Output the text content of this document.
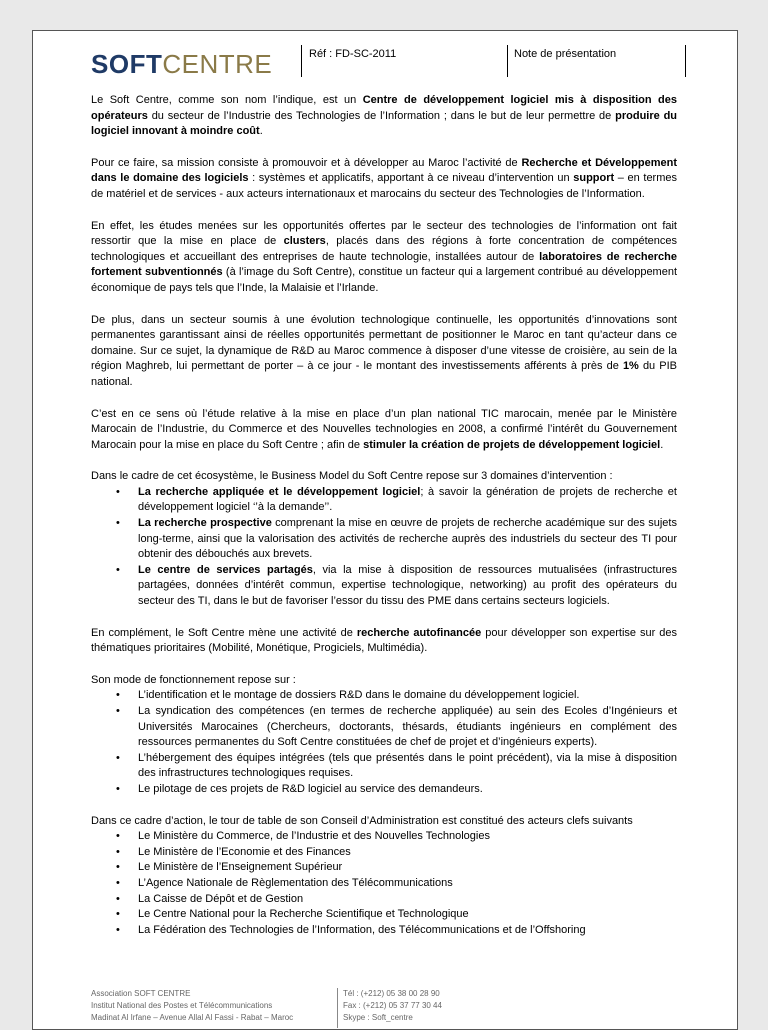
SOFTCENTRE	Réf : FD-SC-2011	Note de présentation

Le Soft Centre, comme son nom l’indique, est un Centre de développement logiciel mis à disposition des opérateurs du secteur de l’Industrie des Technologies de l’Information ; dans le but de leur permettre de produire du logiciel innovant à moindre coût.

Pour ce faire, sa mission consiste à promouvoir et à développer au Maroc l’activité de Recherche et Développement dans le domaine des logiciels : systèmes et applicatifs, apportant à ce niveau d’intervention un support – en termes de matériel et de services - aux acteurs internationaux et marocains du secteur des Technologies de l’Information.

En effet, les études menées sur les opportunités offertes par le secteur des technologies de l’information ont fait ressortir que la mise en place de clusters, placés dans des régions à forte concentration de compétences technologiques et accueillant des entreprises de haute technologie, installées autour de laboratoires de recherche fortement subventionnés (à l’image du Soft Centre), constitue un facteur qui a largement contribué au développement économique de pays tels que l’Inde, la Malaisie et l’Irlande.

De plus, dans un secteur soumis à une évolution technologique continuelle, les opportunités d’innovations sont permanentes garantissant ainsi de réelles opportunités permettant de positionner le Maroc en tant qu’acteur dans ce domaine. Sur ce sujet, la dynamique de R&D au Maroc commence à disposer d’une vitesse de croisière, au sein de la région Maghreb, lui permettant de porter – à ce jour - le montant des investissements afférents à près de 1% du PIB national.

C’est en ce sens où l’étude relative à la mise en place d’un plan national TIC marocain, menée par le Ministère Marocain de l’Industrie, du Commerce et des Nouvelles technologies en 2008, a confirmé l’intérêt du Gouvernement Marocain pour la mise en place du Soft Centre ; afin de stimuler la création de projets de développement logiciel.

Dans le cadre de cet écosystème, le Business Model du Soft Centre repose sur 3 domaines d’intervention :

• La recherche appliquée et le développement logiciel; à savoir la génération de projets de recherche et développement logiciel ‘’à la demande’’.
• La recherche prospective comprenant la mise en œuvre de projets de recherche académique sur des sujets long-terme, ainsi que la valorisation des activités de recherche auprès des industriels du secteur des TI pour obtenir des débouchés aux brevets.
• Le centre de services partagés, via la mise à disposition de ressources mutualisées (infrastructures partagées, données d’intérêt commun, expertise technologique, networking) au profit des opérateurs du secteur des TI, dans le but de favoriser l’essor du tissu des PME dans certains secteurs logiciels.

En complément, le Soft Centre mène une activité de recherche autofinancée pour développer son expertise sur des thématiques prioritaires (Mobilité, Monétique, Progiciels, Multimédia).

Son mode de fonctionnement repose sur :

• L’identification et le montage de dossiers R&D dans le domaine du développement logiciel.
• La syndication des compétences (en termes de recherche appliquée) au sein des Ecoles d’Ingénieurs et Universités Marocaines (Chercheurs, doctorants, thésards, étudiants ingénieurs en complément des ressources permanentes du Soft Centre constituées de chef de projet et d’ingénieurs experts).
• L’hébergement des équipes intégrées (tels que présentés dans le point précédent), via la mise à disposition des infrastructures technologiques requises.
• Le pilotage de ces projets de R&D logiciel au service des demandeurs.

Dans ce cadre d’action, le tour de table de son Conseil d’Administration est constitué des acteurs clefs suivants

• Le Ministère du Commerce, de l’Industrie et des Nouvelles Technologies
• Le Ministère de l’Economie et des Finances
• Le Ministère de l’Enseignement Supérieur
• L’Agence Nationale de Règlementation des Télécommunications
• La Caisse de Dépôt et de Gestion
• Le Centre National pour la Recherche Scientifique et Technologique
• La Fédération des Technologies de l’Information, des Télécommunications et de l’Offshoring
Association SOFT CENTRE
Institut National des Postes et Télécommunications
Madinat Al Irfane – Avenue Allal Al Fassi - Rabat – Maroc
Tél : (+212) 05 38 00 28 90
Fax : (+212) 05 37 77 30 44
Skype : Soft_centre
